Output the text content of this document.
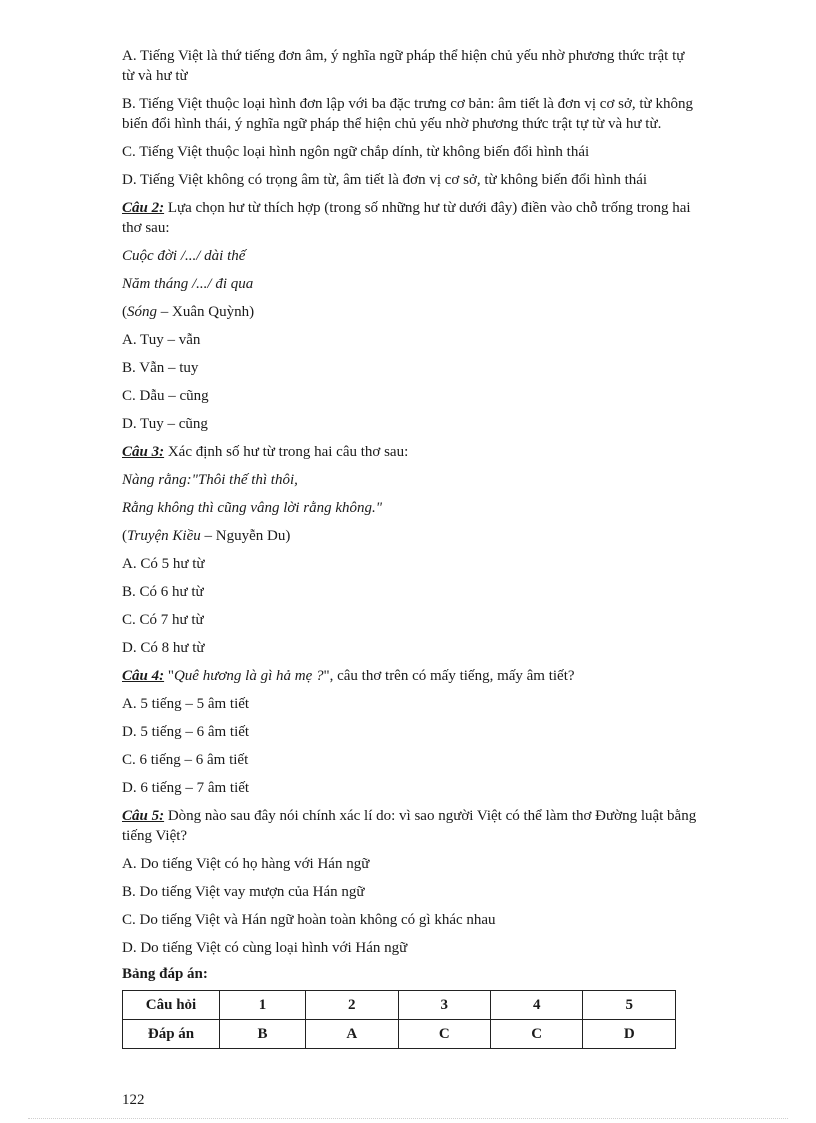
A. Tiếng Việt là thứ tiếng đơn âm, ý nghĩa ngữ pháp thể hiện chủ yếu nhờ phương thức trật tự

từ và hư từ

B. Tiếng Việt thuộc loại hình đơn lập với ba đặc trưng cơ bản: âm tiết là đơn vị cơ sở, từ không

biến đổi hình thái, ý nghĩa ngữ pháp thể hiện chủ yếu nhờ phương thức trật tự từ và hư từ.

C. Tiếng Việt thuộc loại hình ngôn ngữ chắp dính, từ không biến đổi hình thái

D. Tiếng Việt không có trọng âm từ, âm tiết là đơn vị cơ sở, từ không biến đổi hình thái

Câu 2: Lựa chọn hư từ thích hợp (trong số những hư từ dưới đây) điền vào chỗ trống trong hai

thơ sau:

Cuộc đời /.../ dài thế

Năm tháng /.../ đi qua

(Sóng – Xuân Quỳnh)

A. Tuy – vẫn

B. Vẫn – tuy

C. Dẫu – cũng

D. Tuy – cũng

Câu 3: Xác định số hư từ trong hai câu thơ sau:

Nàng rằng:"Thôi thế thì thôi,

Rằng không thì cũng vâng lời rằng không."

(Truyện Kiều – Nguyễn Du)

A. Có 5 hư từ

B. Có 6 hư từ

C. Có 7 hư từ

D. Có 8 hư từ

Câu 4: "Quê hương là gì hả mẹ ?", câu thơ trên có mấy tiếng, mấy âm tiết?

A. 5 tiếng – 5 âm tiết

D. 5 tiếng – 6 âm tiết

C. 6 tiếng – 6 âm tiết

D. 6 tiếng – 7 âm tiết

Câu 5: Dòng nào sau đây nói chính xác lí do: vì sao người Việt có thể làm thơ Đường luật bằng

tiếng Việt?

A. Do tiếng Việt có họ hàng với Hán ngữ

B. Do tiếng Việt vay mượn của Hán ngữ

C. Do tiếng Việt và Hán ngữ hoàn toàn không có gì khác nhau

D. Do tiếng Việt có cùng loại hình với Hán ngữ

Bảng đáp án:
Câu hỏi	1	2	3	4	5
Đáp án	B	A	C	C	D
122
